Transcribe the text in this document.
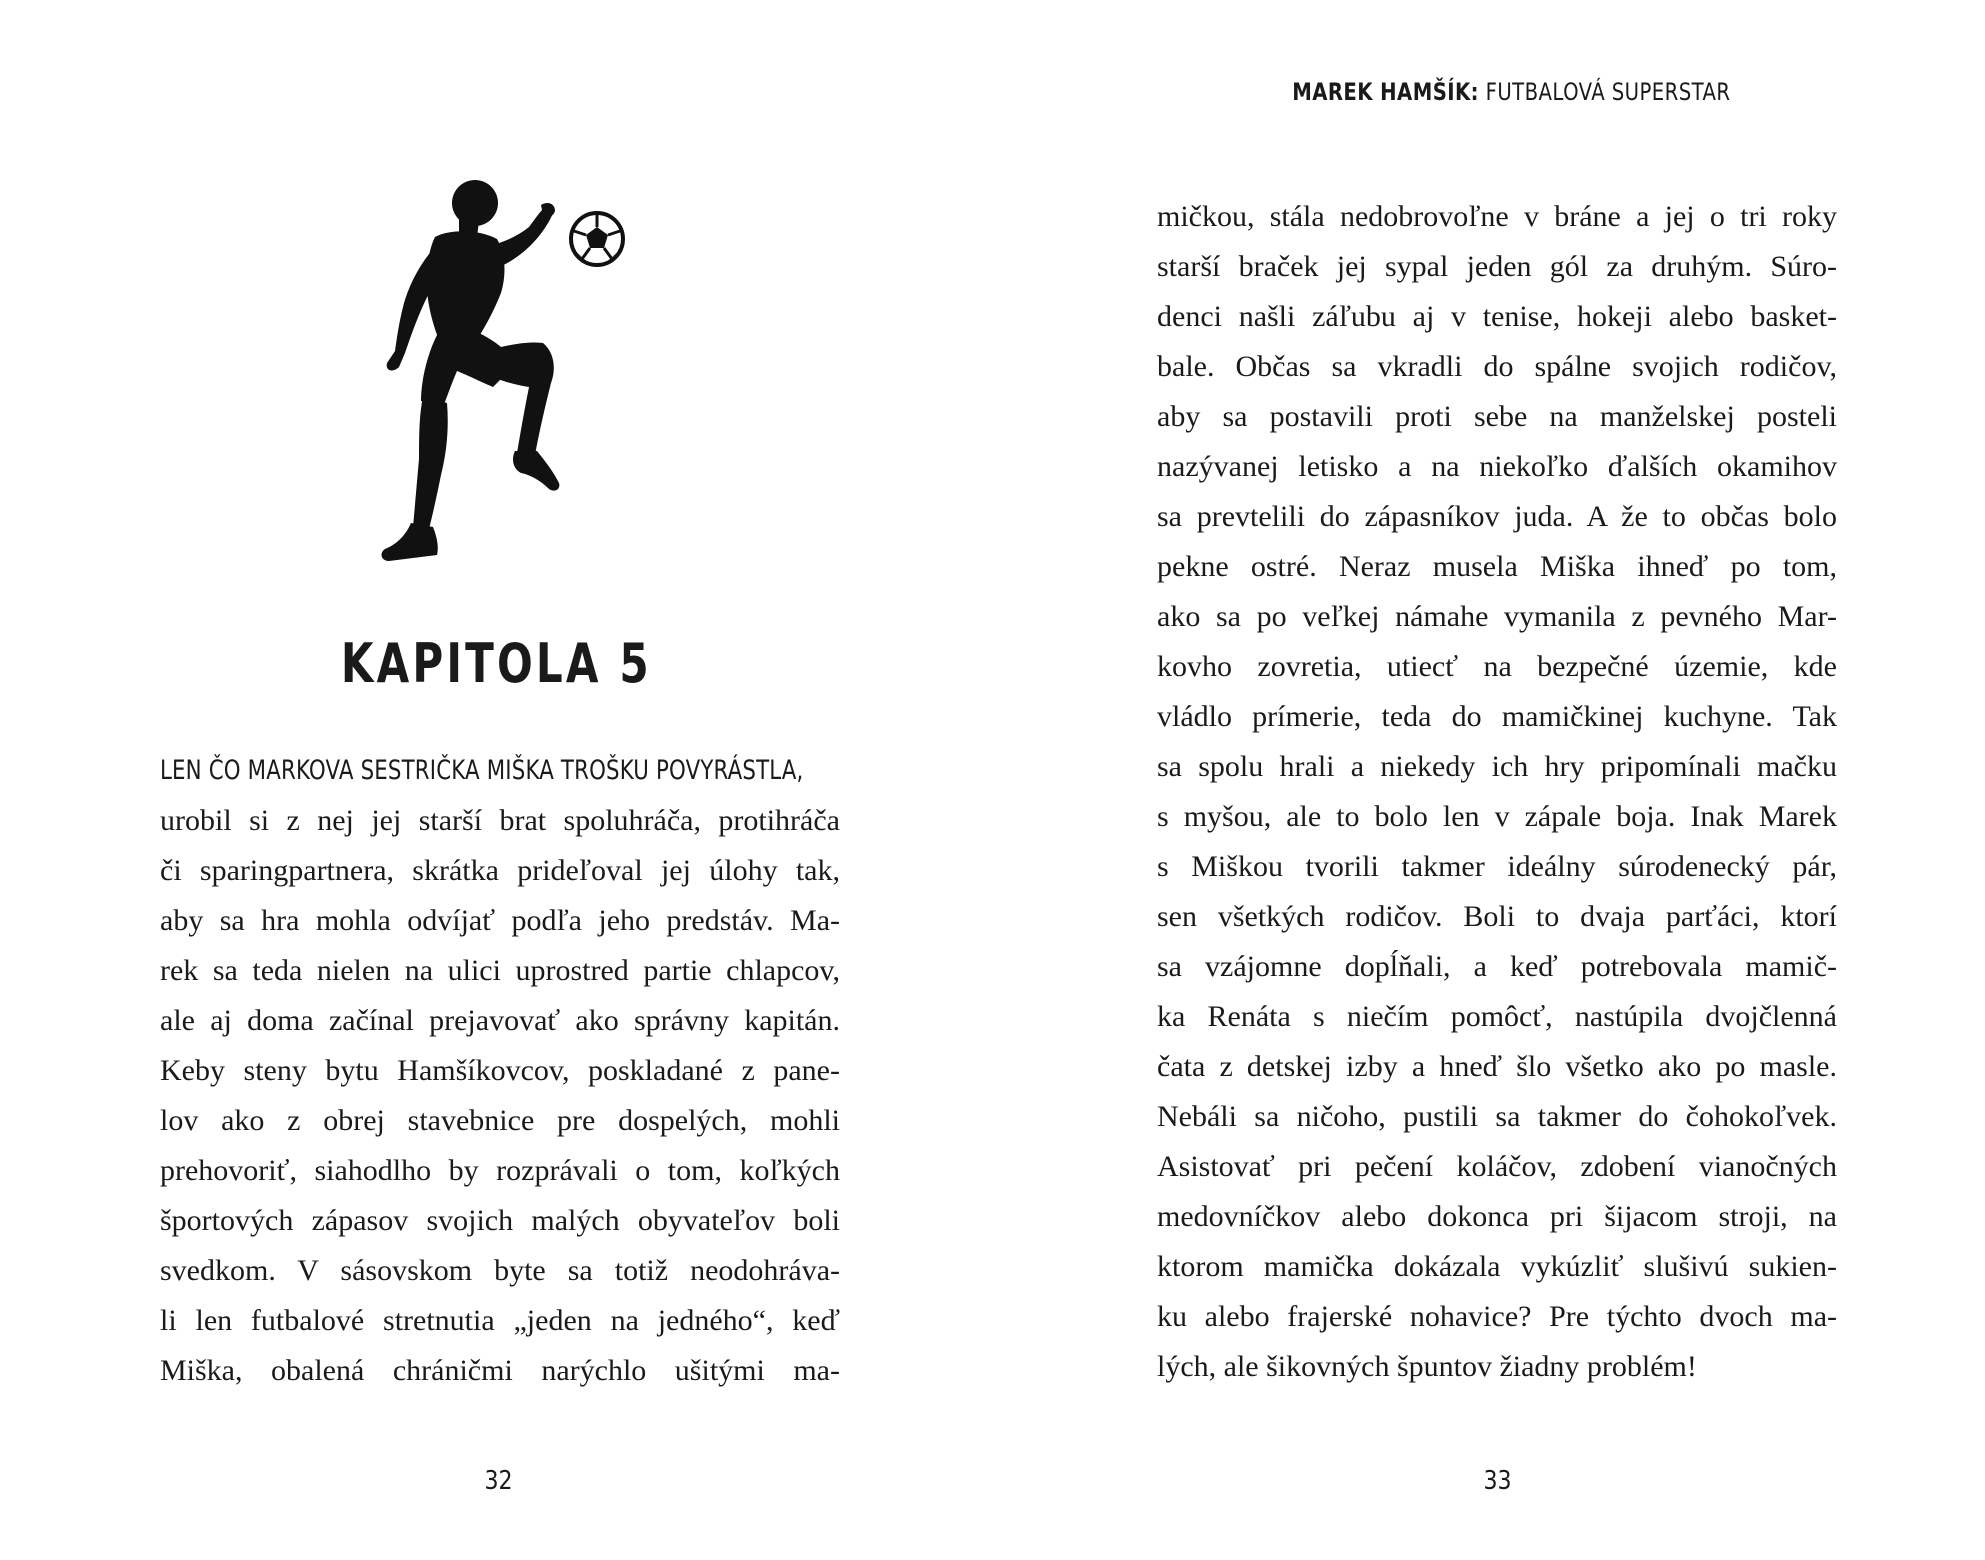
KAPITOLA 5
LEN ČO MARKOVA SESTRIČKA MIŠKA TROŠKU POVYRÁSTLA,
urobil si z nej jej starší brat spoluhráča, protihráča
či sparingpartnera, skrátka prideľoval jej úlohy tak,
aby sa hra mohla odvíjať podľa jeho predstáv. Ma-
rek sa teda nielen na ulici uprostred partie chlapcov,
ale aj doma začínal prejavovať ako správny kapitán.
Keby steny bytu Hamšíkovcov, poskladané z pane-
lov ako z obrej stavebnice pre dospelých, mohli
prehovoriť, siahodlho by rozprávali o tom, koľkých
športových zápasov svojich malých obyvateľov boli
svedkom. V sásovskom byte sa totiž neodohráva-
li len futbalové stretnutia „jeden na jedného“, keď
Miška, obalená chráničmi narýchlo ušitými ma-
32
MAREK HAMŠÍK: FUTBALOVÁ SUPERSTAR
mičkou, stála nedobrovoľne v bráne a jej o tri roky
starší braček jej sypal jeden gól za druhým. Súro-
denci našli záľubu aj v tenise, hokeji alebo basket-
bale. Občas sa vkradli do spálne svojich rodičov,
aby sa postavili proti sebe na manželskej posteli
nazývanej letisko a na niekoľko ďalších okamihov
sa prevtelili do zápasníkov juda. A že to občas bolo
pekne ostré. Neraz musela Miška ihneď po tom,
ako sa po veľkej námahe vymanila z pevného Mar-
kovho zovretia, utiecť na bezpečné územie, kde
vládlo prímerie, teda do mamičkinej kuchyne. Tak
sa spolu hrali a niekedy ich hry pripomínali mačku
s myšou, ale to bolo len v zápale boja. Inak Marek
s Miškou tvorili takmer ideálny súrodenecký pár,
sen všetkých rodičov. Boli to dvaja parťáci, ktorí
sa vzájomne dopĺňali, a keď potrebovala mamič-
ka Renáta s niečím pomôcť, nastúpila dvojčlenná
čata z detskej izby a hneď šlo všetko ako po masle.
Nebáli sa ničoho, pustili sa takmer do čohokoľvek.
Asistovať pri pečení koláčov, zdobení vianočných
medovníčkov alebo dokonca pri šijacom stroji, na
ktorom mamička dokázala vykúzliť slušivú sukien-
ku alebo frajerské nohavice? Pre týchto dvoch ma-
lých, ale šikovných špuntov žiadny problém!
33
